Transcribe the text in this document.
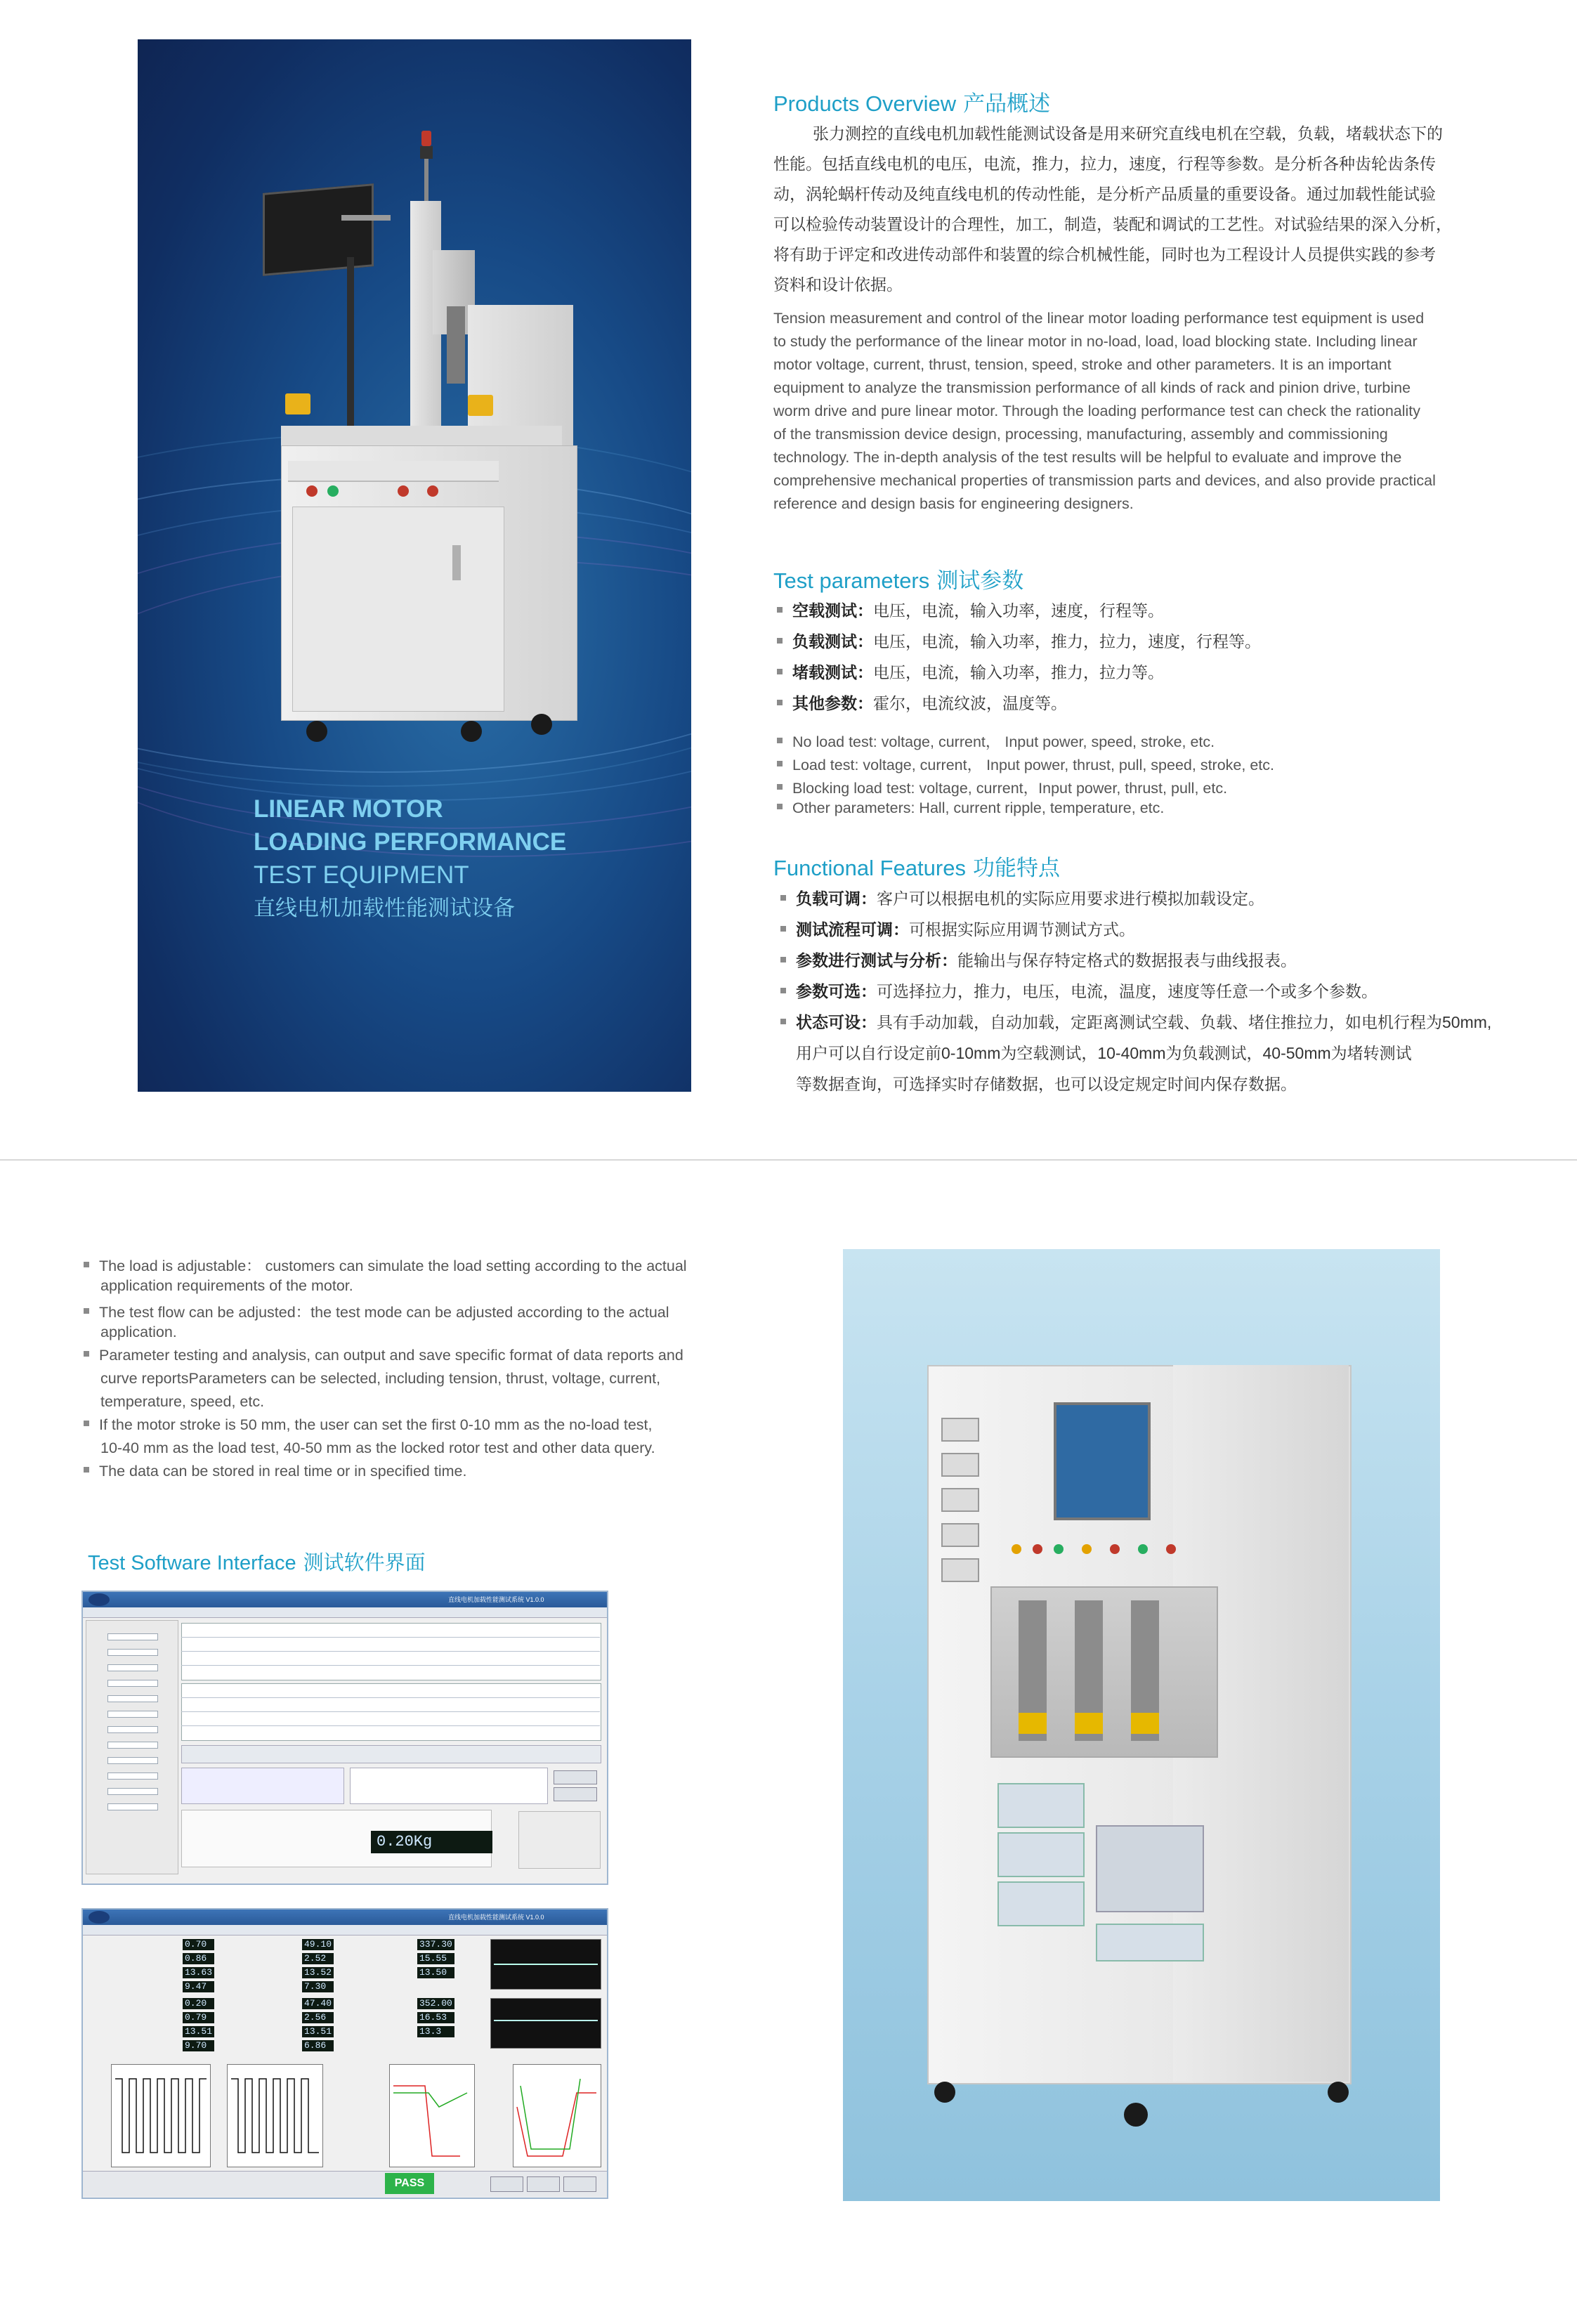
LINEAR MOTOR
LOADING PERFORMANCE
TEST EQUIPMENT
直线电机加载性能测试设备
Products Overview 产品概述
张力测控的直线电机加载性能测试设备是用来研究直线电机在空载，负载，堵载状态下的
性能。包括直线电机的电压，电流，推力，拉力，速度，行程等参数。是分析各种齿轮齿条传
动，涡轮蜗杆传动及纯直线电机的传动性能，是分析产品质量的重要设备。通过加载性能试验
可以检验传动装置设计的合理性，加工，制造，装配和调试的工艺性。对试验结果的深入分析，
将有助于评定和改进传动部件和装置的综合机械性能，同时也为工程设计人员提供实践的参考
资料和设计依据。
Tension measurement and control of the linear motor loading performance test equipment is used
to study the performance of the linear motor in no-load, load, load blocking state. Including linear
motor voltage, current, thrust, tension, speed, stroke and other parameters. It is an important
equipment to analyze the transmission performance of all kinds of rack and pinion drive, turbine
worm drive and pure linear motor. Through the loading performance test can check the rationality
of the transmission device design, processing, manufacturing, assembly and commissioning
technology. The in-depth analysis of the test results will be helpful to evaluate and improve the
comprehensive mechanical properties of transmission parts and devices, and also provide practical
reference and design basis for engineering designers.
Test parameters 测试参数
空载测试：电压，电流，输入功率，速度，行程等。
负载测试：电压，电流，输入功率，推力，拉力，速度，行程等。
堵载测试：电压，电流，输入功率，推力，拉力等。
其他参数：霍尔，电流纹波，温度等。
No load test: voltage, current， Input power, speed, stroke, etc.
Load test: voltage, current， Input power, thrust, pull, speed, stroke, etc.
Blocking load test: voltage, current，Input power, thrust, pull, etc.
Other parameters: Hall, current ripple, temperature, etc.
Functional Features 功能特点
负载可调：客户可以根据电机的实际应用要求进行模拟加载设定。
测试流程可调：可根据实际应用调节测试方式。
参数进行测试与分析：能输出与保存特定格式的数据报表与曲线报表。
参数可选：可选择拉力，推力，电压，电流，温度，速度等任意一个或多个参数。
状态可设：具有手动加载，自动加载，定距离测试空载、负载、堵住推拉力，如电机行程为50mm,
用户可以自行设定前0-10mm为空载测试，10-40mm为负载测试，40-50mm为堵转测试
等数据查询，可选择实时存储数据，也可以设定规定时间内保存数据。
The load is adjustable： customers can simulate the load setting according to the actual
application requirements of the motor.
The test flow can be adjusted：the test mode can be adjusted according to the actual
application.
Parameter testing and analysis, can output and save specific format of data reports and
curve reportsParameters can be selected, including tension, thrust, voltage, current,
temperature, speed, etc.
If the motor stroke is 50 mm, the user can set the first 0-10 mm as the no-load test,
10-40 mm as the load test, 40-50 mm as the locked rotor test and other data query.
The data can be stored in real time or in specified time.
Test Software Interface 测试软件界面
直线电机加载性能测试系统 V1.0.0
0.20Kg
直线电机加载性能测试系统 V1.0.0
0.70
0.86
13.63
9.47
0.20
0.79
13.51
9.70
49.10
2.52
13.52
7.30
47.40
2.56
13.51
6.86
337.30
15.55
13.50
352.00
16.53
13.3
PASS
